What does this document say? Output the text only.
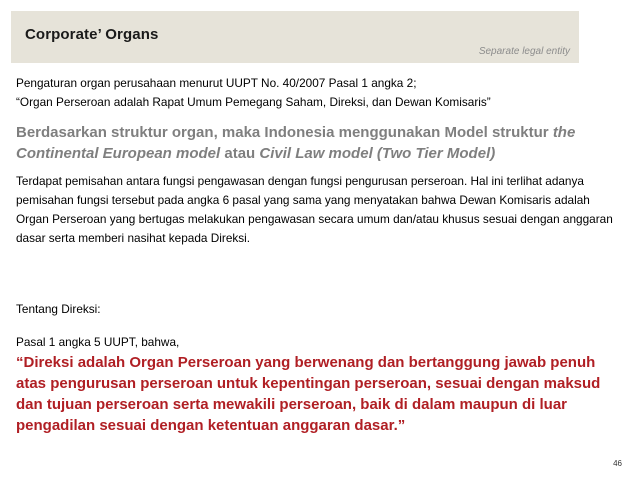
Corporate’ Organs
Separate legal entity

Pengaturan organ perusahaan menurut UUPT No. 40/2007 Pasal 1 angka 2;
“Organ Perseroan adalah Rapat Umum Pemegang Saham, Direksi, dan Dewan Komisaris”

Berdasarkan struktur organ, maka Indonesia menggunakan Model struktur the Continental European model atau Civil Law model (Two Tier Model)

Terdapat pemisahan antara fungsi pengawasan dengan fungsi pengurusan perseroan. Hal ini terlihat adanya pemisahan fungsi tersebut pada angka 6 pasal yang sama yang menyatakan bahwa Dewan Komisaris adalah Organ Perseroan yang bertugas melakukan pengawasan secara umum dan/atau khusus sesuai dengan anggaran dasar serta memberi nasihat kepada Direksi.

Tentang Direksi:

Pasal 1 angka 5 UUPT, bahwa,

“Direksi adalah Organ Perseroan yang berwenang dan bertanggung jawab penuh atas pengurusan perseroan untuk kepentingan perseroan, sesuai dengan maksud dan tujuan perseroan serta mewakili perseroan, baik di dalam maupun di luar pengadilan sesuai dengan ketentuan anggaran dasar.”

46
